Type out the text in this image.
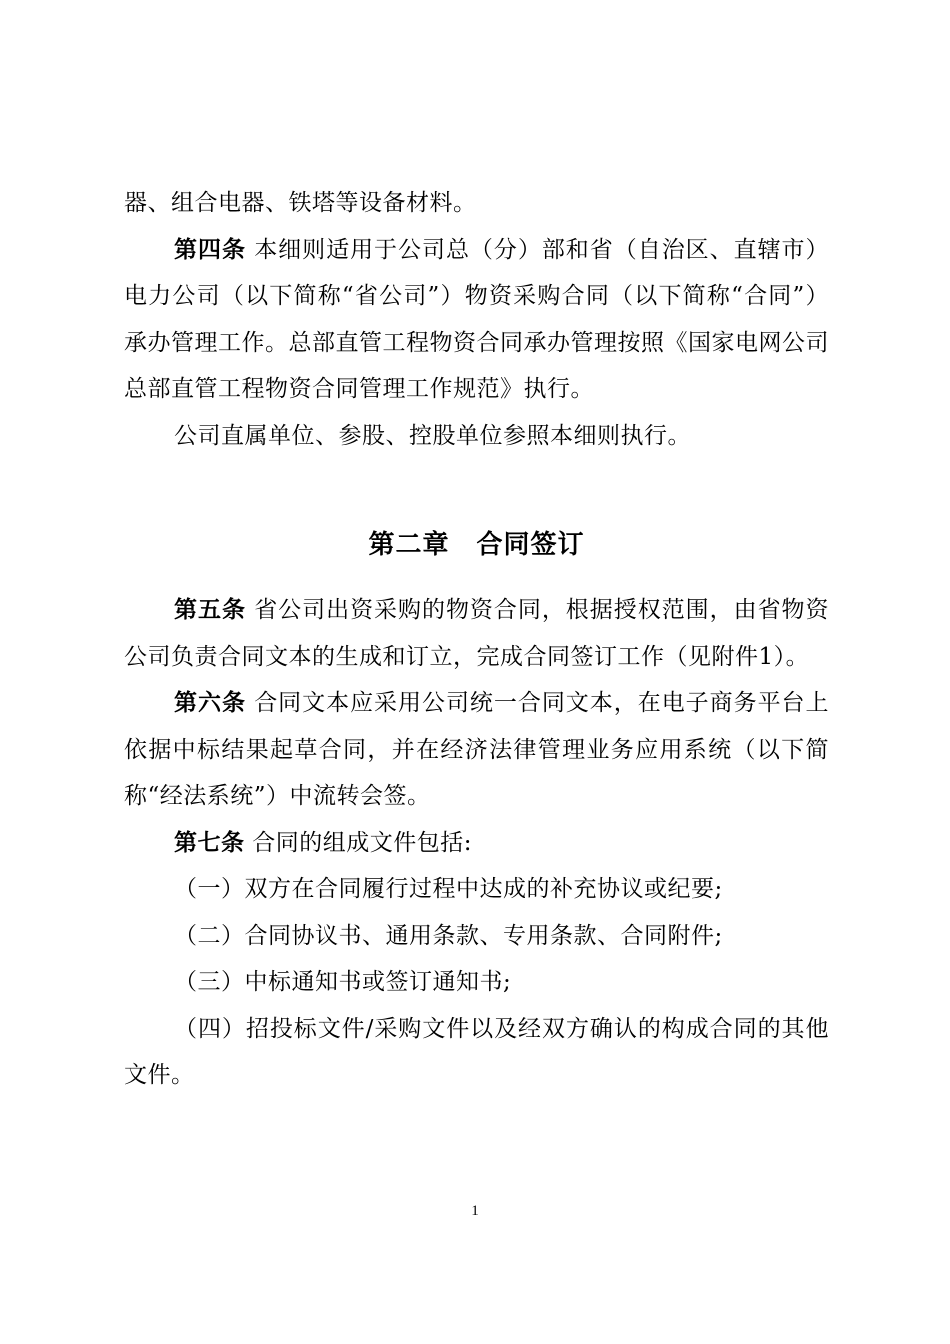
器、组合电器、铁塔等设备材料。

第四条 本细则适用于公司总（分）部和省（自治区、直辖市）电力公司（以下简称“省公司”）物资采购合同（以下简称“合同”）承办管理工作。总部直管工程物资合同承办管理按照《国家电网公司总部直管工程物资合同管理工作规范》执行。

公司直属单位、参股、控股单位参照本细则执行。

第二章　合同签订

第五条 省公司出资采购的物资合同，根据授权范围，由省物资公司负责合同文本的生成和订立，完成合同签订工作（见附件1）。

第六条 合同文本应采用公司统一合同文本，在电子商务平台上依据中标结果起草合同，并在经济法律管理业务应用系统（以下简称“经法系统”）中流转会签。

第七条 合同的组成文件包括:

（一）双方在合同履行过程中达成的补充协议或纪要;

（二）合同协议书、通用条款、专用条款、合同附件;

（三）中标通知书或签订通知书;

（四）招投标文件/采购文件以及经双方确认的构成合同的其他文件。

1
